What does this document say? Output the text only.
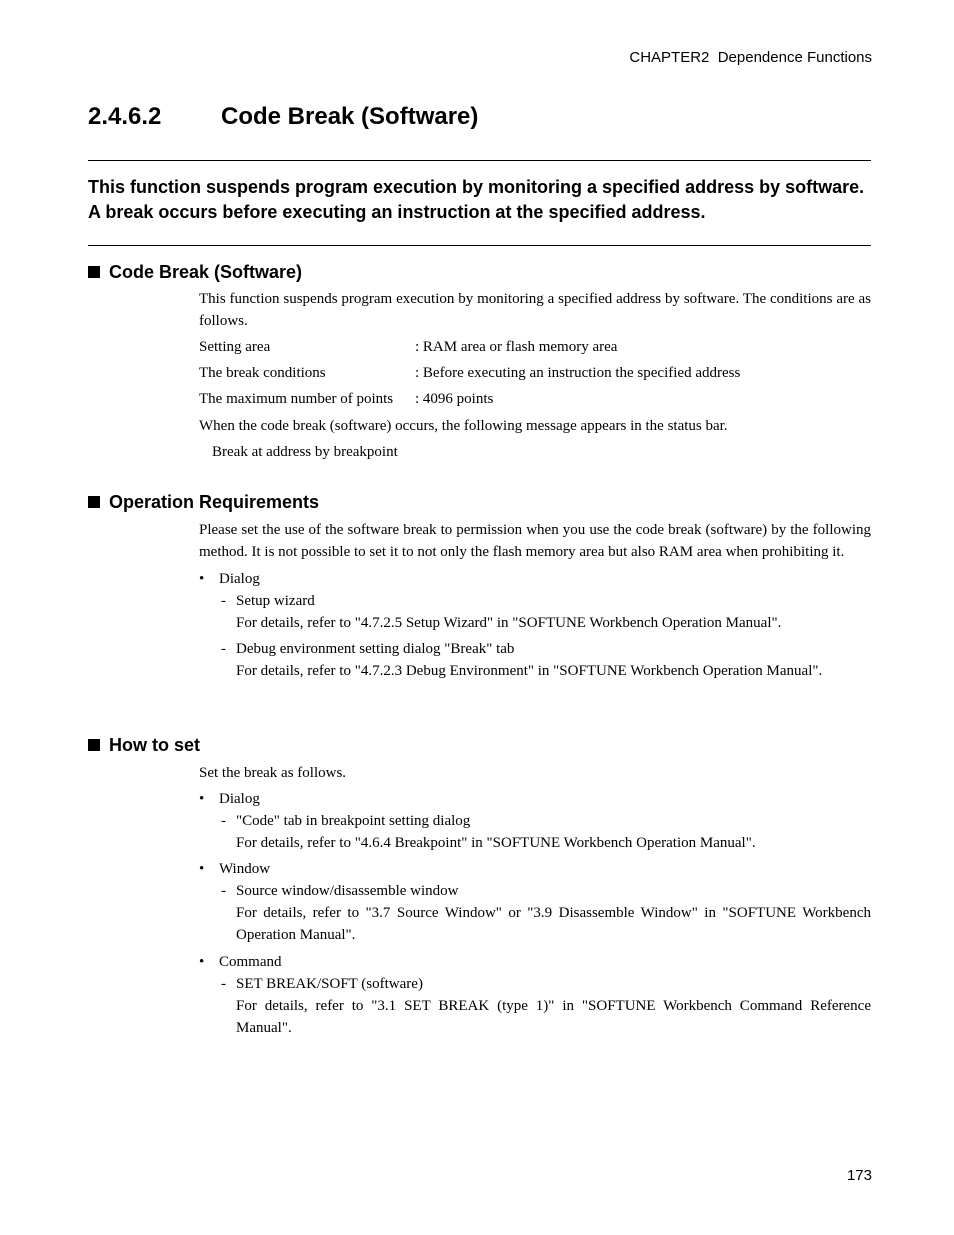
CHAPTER2  Dependence Functions
2.4.6.2 Code Break (Software)

This function suspends program execution by monitoring a specified address by software. A break occurs before executing an instruction at the specified address.

Code Break (Software)

This function suspends program execution by monitoring a specified address by software. The conditions are as follows.

Setting area	: RAM area or flash memory area
The break conditions	: Before executing an instruction the specified address
The maximum number of points	: 4096 points

When the code break (software) occurs, the following message appears in the status bar.

Break at address by breakpoint

Operation Requirements

Please set the use of the software break to permission when you use the code break (software) by the following method. It is not possible to set it to not only the flash memory area but also RAM area when prohibiting it.

• Dialog
- Setup wizard
For details, refer to "4.7.2.5 Setup Wizard" in "SOFTUNE Workbench Operation Manual".
- Debug environment setting dialog "Break" tab
For details, refer to "4.7.2.3 Debug Environment" in "SOFTUNE Workbench Operation Manual".
How to set

Set the break as follows.

• Dialog
- "Code" tab in breakpoint setting dialog
For details, refer to "4.6.4 Breakpoint" in "SOFTUNE Workbench Operation Manual".
• Window
- Source window/disassemble window
For details, refer to "3.7 Source Window" or "3.9 Disassemble Window" in "SOFTUNE Workbench Operation Manual".
• Command
- SET BREAK/SOFT (software)
For details, refer to "3.1 SET BREAK (type 1)" in "SOFTUNE Workbench Command Reference Manual".
173
